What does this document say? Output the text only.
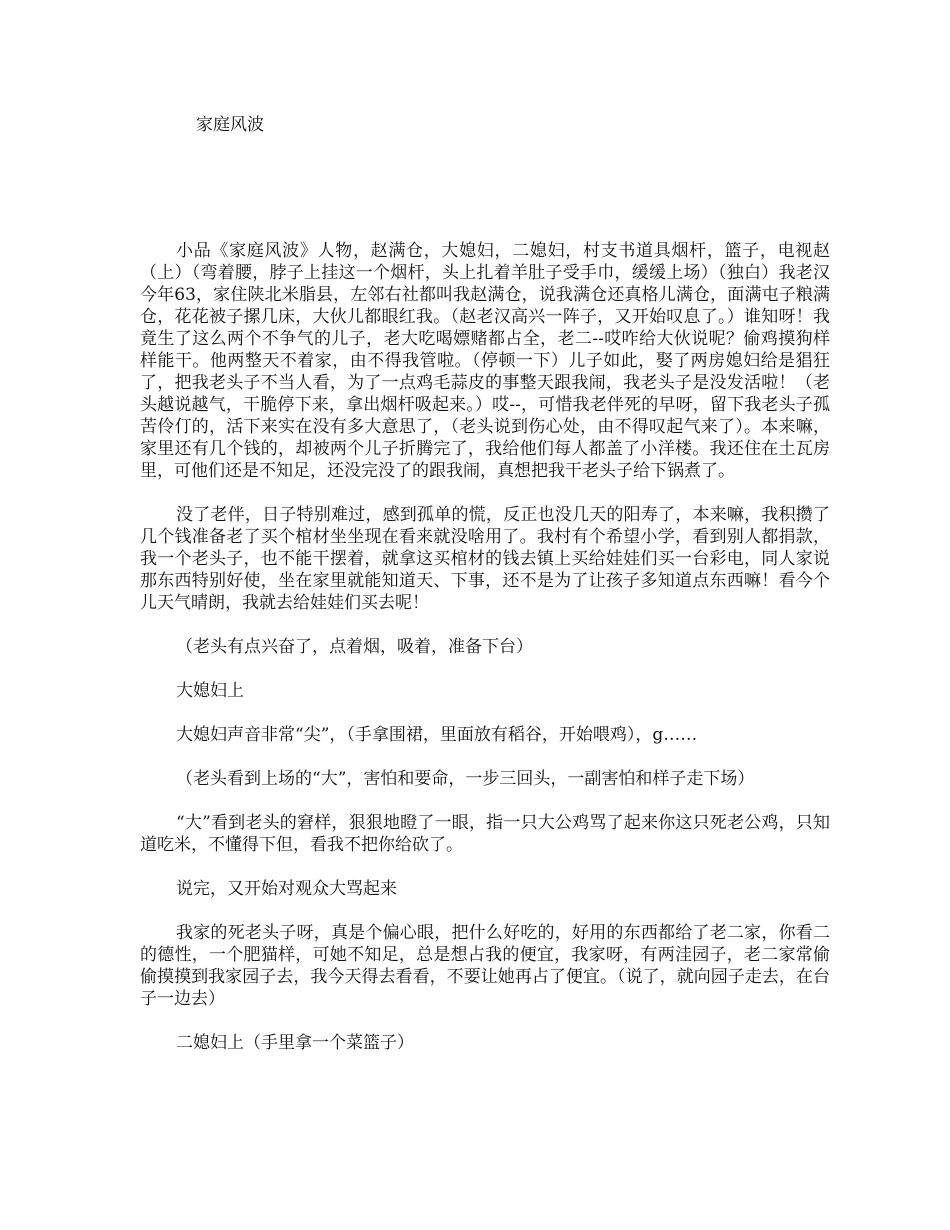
家庭风波

小品《家庭风波》人物，赵满仓，大媳妇，二媳妇，村支书道具烟杆，篮子，电视赵（上）（弯着腰，脖子上挂这一个烟杆，头上扎着羊肚子受手巾，缓缓上场）（独白）我老汉今年63，家住陕北米脂县，左邻右社都叫我赵满仓，说我满仓还真格儿满仓，面满屯子粮满仓，花花被子摞几床，大伙儿都眼红我。（赵老汉高兴一阵子，又开始叹息了。）谁知呀！我竟生了这么两个不争气的儿子，老大吃喝嫖赌都占全，老二--哎咋给大伙说呢？偷鸡摸狗样样能干。他两整天不着家，由不得我管啦。（停顿一下）儿子如此，娶了两房媳妇给是猖狂了，把我老头子不当人看，为了一点鸡毛蒜皮的事整天跟我闹，我老头子是没发活啦！（老头越说越气，干脆停下来，拿出烟杆吸起来。）哎--，可惜我老伴死的早呀，留下我老头子孤苦伶仃的，活下来实在没有多大意思了，（老头说到伤心处，由不得叹起气来了）。本来嘛，家里还有几个钱的，却被两个儿子折腾完了，我给他们每人都盖了小洋楼。我还住在土瓦房里，可他们还是不知足，还没完没了的跟我闹，真想把我干老头子给下锅煮了。

没了老伴，日子特别难过，感到孤单的慌，反正也没几天的阳寿了，本来嘛，我积攒了几个钱准备老了买个棺材坐坐现在看来就没啥用了。我村有个希望小学，看到别人都捐款，我一个老头子，也不能干摆着，就拿这买棺材的钱去镇上买给娃娃们买一台彩电，同人家说那东西特别好使，坐在家里就能知道天、下事，还不是为了让孩子多知道点东西嘛！看今个儿天气晴朗，我就去给娃娃们买去呢！

（老头有点兴奋了，点着烟，吸着，准备下台）

大媳妇上

大媳妇声音非常“尖”，（手拿围裙，里面放有稻谷，开始喂鸡），g……

（老头看到上场的“大”，害怕和要命，一步三回头，一副害怕和样子走下场）

“大”看到老头的窘样，狠狠地瞪了一眼，指一只大公鸡骂了起来你这只死老公鸡，只知道吃米，不懂得下但，看我不把你给砍了。

说完，又开始对观众大骂起来

我家的死老头子呀，真是个偏心眼，把什么好吃的，好用的东西都给了老二家，你看二的德性，一个肥猫样，可她不知足，总是想占我的便宜，我家呀，有两洼园子，老二家常偷偷摸摸到我家园子去，我今天得去看看，不要让她再占了便宜。（说了，就向园子走去，在台子一边去）

二媳妇上（手里拿一个菜篮子）
